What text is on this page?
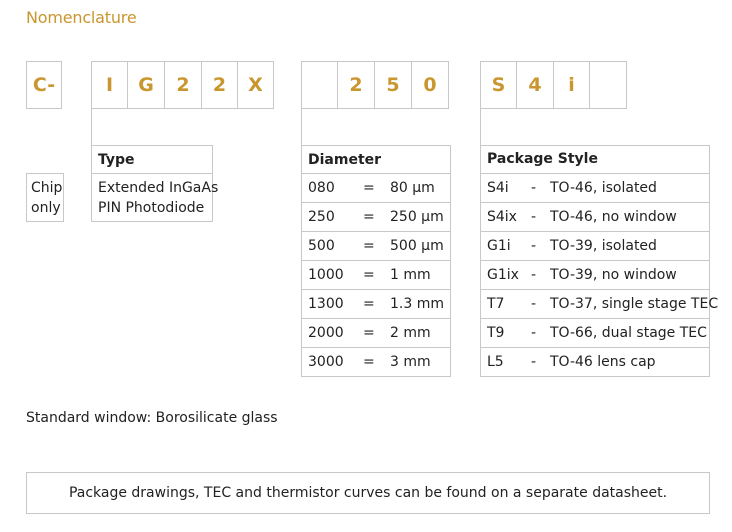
Nomenclature
C-	I	G	2	2	X	2	5	0	S	4	i
Chip
only
Type
Extended InGaAs
PIN Photodiode
Diameter
080 = 80 µm
250 = 250 µm
500 = 500 µm
1000 = 1 mm
1300 = 1.3 mm
2000 = 2 mm
3000 = 3 mm
Package Style
S4i - TO-46, isolated
S4ix - TO-46, no window
G1i - TO-39, isolated
G1ix - TO-39, no window
T7 - TO-37, single stage TEC
T9 - TO-66, dual stage TEC
L5 - TO-46 lens cap
Standard window: Borosilicate glass
Package drawings, TEC and thermistor curves can be found on a separate datasheet.
